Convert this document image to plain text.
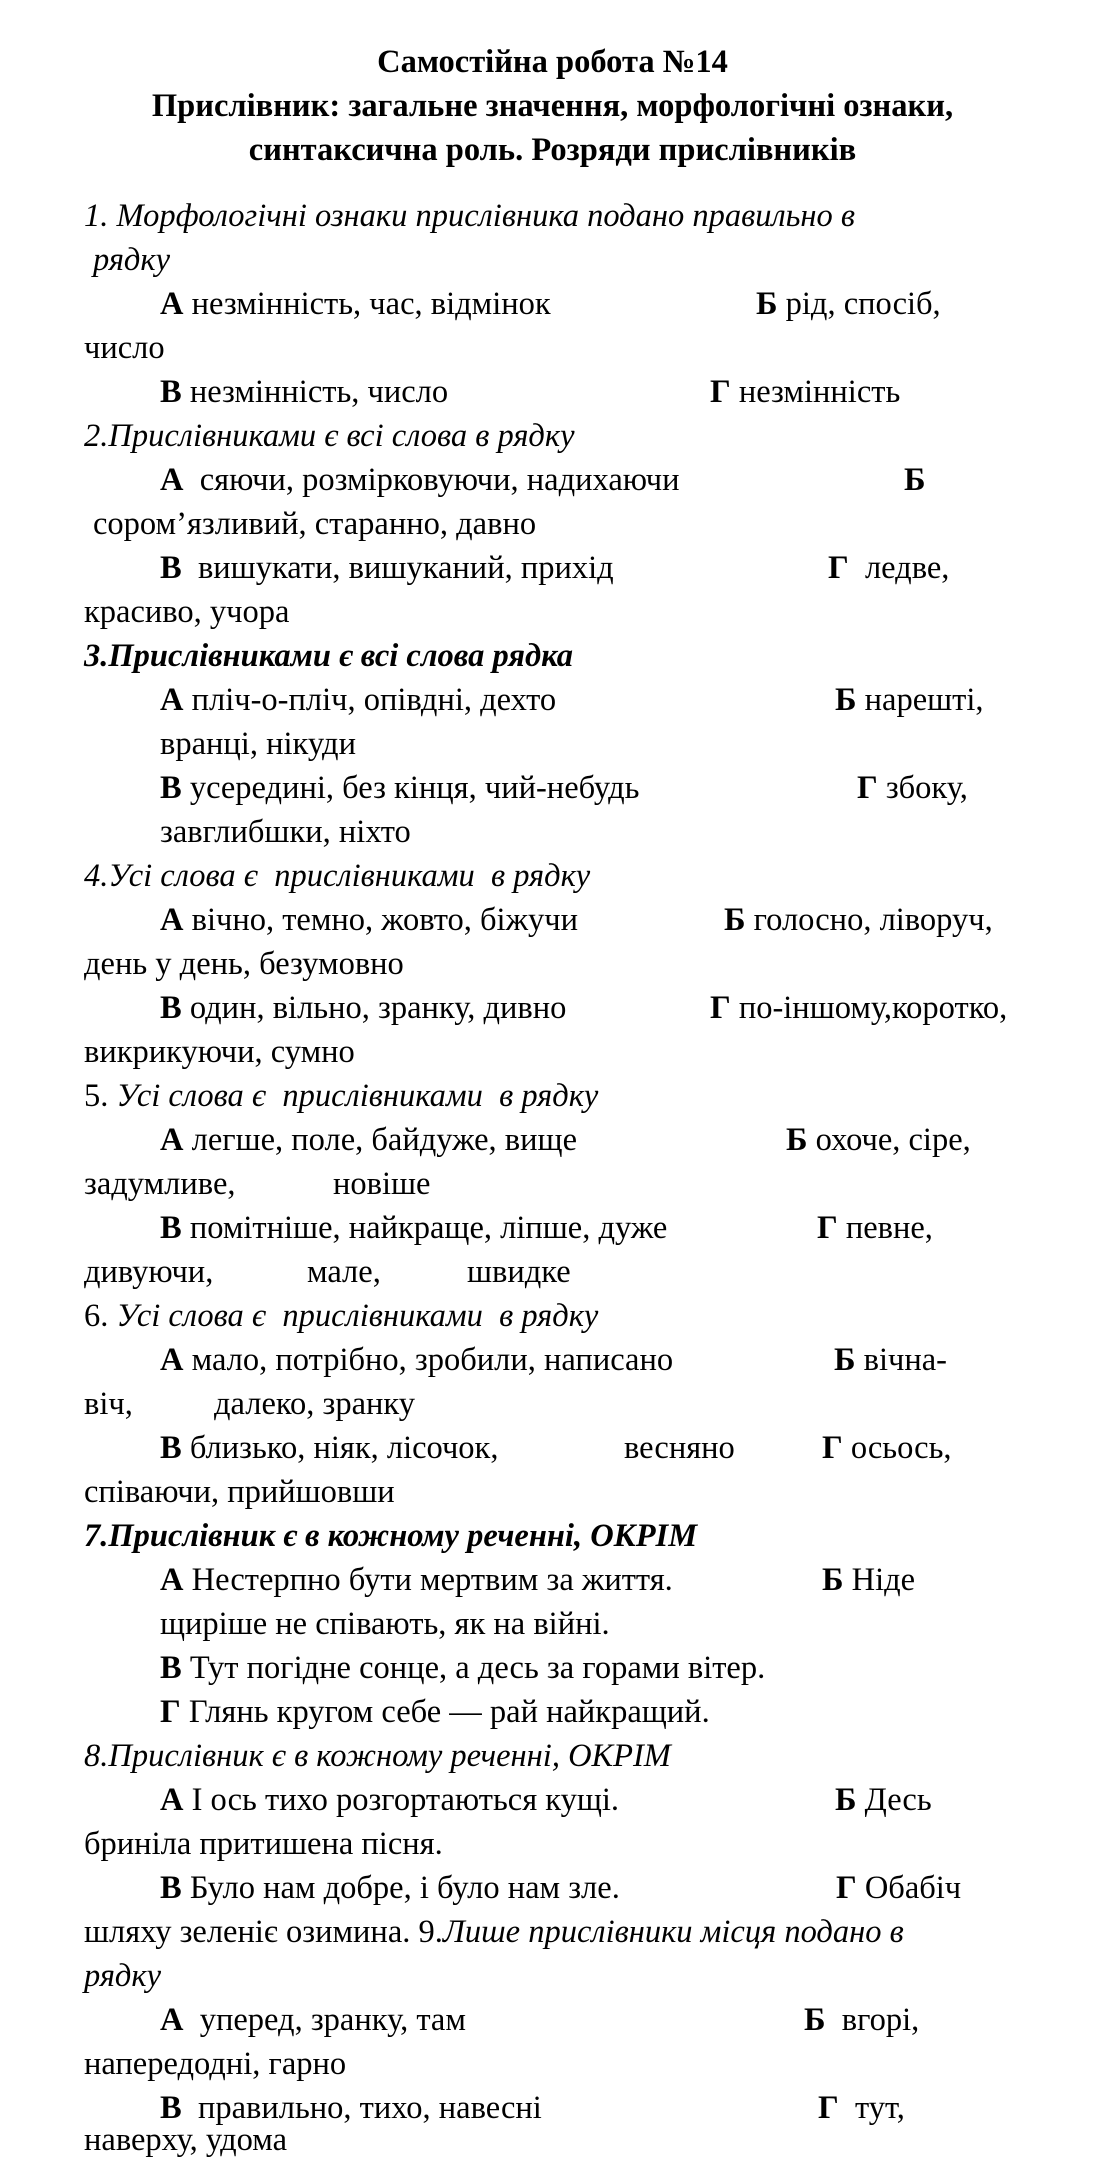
Самостійна робота №14
Прислівник: загальне значення, морфологічні ознаки,
синтаксична роль. Розряди прислівників
1. Морфологічні ознаки прислівника подано правильно в
рядку
А незмінність, час, відмінок	Б рід, спосіб,
число
В незмінність, число	Г незмінність
2.Прислівниками є всі слова в рядку
А сяючи, розмірковуючи, надихаючи	Б
сором’язливий, старанно, давно
В вишукати, вишуканий, прихід	Г ледве,
красиво, учора
3.Прислівниками є всі слова рядка
А пліч-о-пліч, опівдні, дехто	Б нарешті,
вранці, нікуди
В усередині, без кінця, чий-небудь	Г збоку,
завглибшки, ніхто
4.Усі слова є  прислівниками  в рядку
А вічно, темно, жовто, біжучи	Б голосно, ліворуч,
день у день, безумовно
В один, вільно, зранку, дивно	Г по-іншому,коротко,
викрикуючи, сумно
5. Усі слова є  прислівниками  в рядку
А легше, поле, байдуже, вище	Б охоче, сіре,
задумливе,	новіше
В помітніше, найкраще, ліпше, дуже	Г певне,
дивуючи,	мале,	швидке
6. Усі слова є  прислівниками  в рядку
А мало, потрібно, зробили, написано	Б вічна-
віч,	далеко, зранку
В близько, ніяк, лісочок,	весняно	Г осьось,
співаючи, прийшовши
7.Прислівник є в кожному реченні, ОКРІМ
А Нестерпно бути мертвим за життя.	Б Ніде
щиріше не співають, як на війні.
В Тут погідне сонце, а десь за горами вітер.
Г Глянь кругом себе — рай найкращий.
8.Прислівник є в кожному реченні, ОКРІМ
А І ось тихо розгортаються кущі.	Б Десь
бриніла притишена пісня.
В Було нам добре, і було нам зле.	Г Обабіч
шляху зеленіє озимина. 9.Лише прислівники місця подано в
рядку
А уперед, зранку, там	Б вгорі,
напередодні, гарно
В правильно, тихо, навесні	Г тут,
наверху, удома
